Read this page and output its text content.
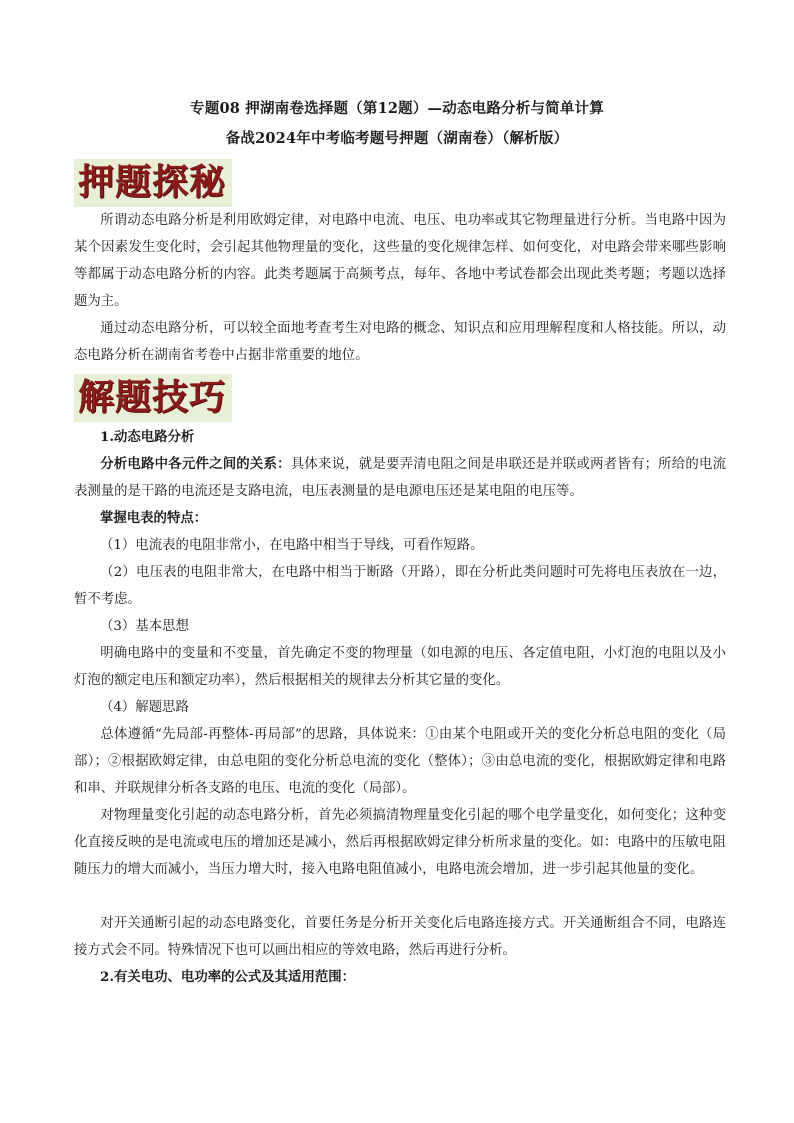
专题08 押湖南卷选择题（第12题）—动态电路分析与简单计算
备战2024年中考临考题号押题（湖南卷）（解析版）
押题探秘
所谓动态电路分析是利用欧姆定律，对电路中电流、电压、电功率或其它物理量进行分析。当电路中因为某个因素发生变化时，会引起其他物理量的变化，这些量的变化规律怎样、如何变化，对电路会带来哪些影响等都属于动态电路分析的内容。此类考题属于高频考点，每年、各地中考试卷都会出现此类考题；考题以选择题为主。
通过动态电路分析，可以较全面地考查考生对电路的概念、知识点和应用理解程度和人格技能。所以，动态电路分析在湖南省考卷中占据非常重要的地位。
解题技巧
1.动态电路分析
分析电路中各元件之间的关系：具体来说，就是要弄清电阻之间是串联还是并联或两者皆有；所给的电流表测量的是干路的电流还是支路电流，电压表测量的是电源电压还是某电阻的电压等。
掌握电表的特点：
（1）电流表的电阻非常小，在电路中相当于导线，可看作短路。
（2）电压表的电阻非常大，在电路中相当于断路（开路），即在分析此类问题时可先将电压表放在一边，暂不考虑。
（3）基本思想
明确电路中的变量和不变量，首先确定不变的物理量（如电源的电压、各定值电阻，小灯泡的电阻以及小灯泡的额定电压和额定功率），然后根据相关的规律去分析其它量的变化。
（4）解题思路
总体遵循“先局部-再整体-再局部”的思路，具体说来：①由某个电阻或开关的变化分析总电阻的变化（局部）；②根据欧姆定律，由总电阻的变化分析总电流的变化（整体）；③由总电流的变化，根据欧姆定律和电路和串、并联规律分析各支路的电压、电流的变化（局部）。
对物理量变化引起的动态电路分析，首先必须搞清物理量变化引起的哪个电学量变化，如何变化；这种变化直接反映的是电流或电压的增加还是减小，然后再根据欧姆定律分析所求量的变化。如：电路中的压敏电阻随压力的增大而减小，当压力增大时，接入电路电阻值减小，电路电流会增加，进一步引起其他量的变化。
对开关通断引起的动态电路变化，首要任务是分析开关变化后电路连接方式。开关通断组合不同，电路连接方式会不同。特殊情况下也可以画出相应的等效电路，然后再进行分析。
2.有关电功、电功率的公式及其适用范围：
